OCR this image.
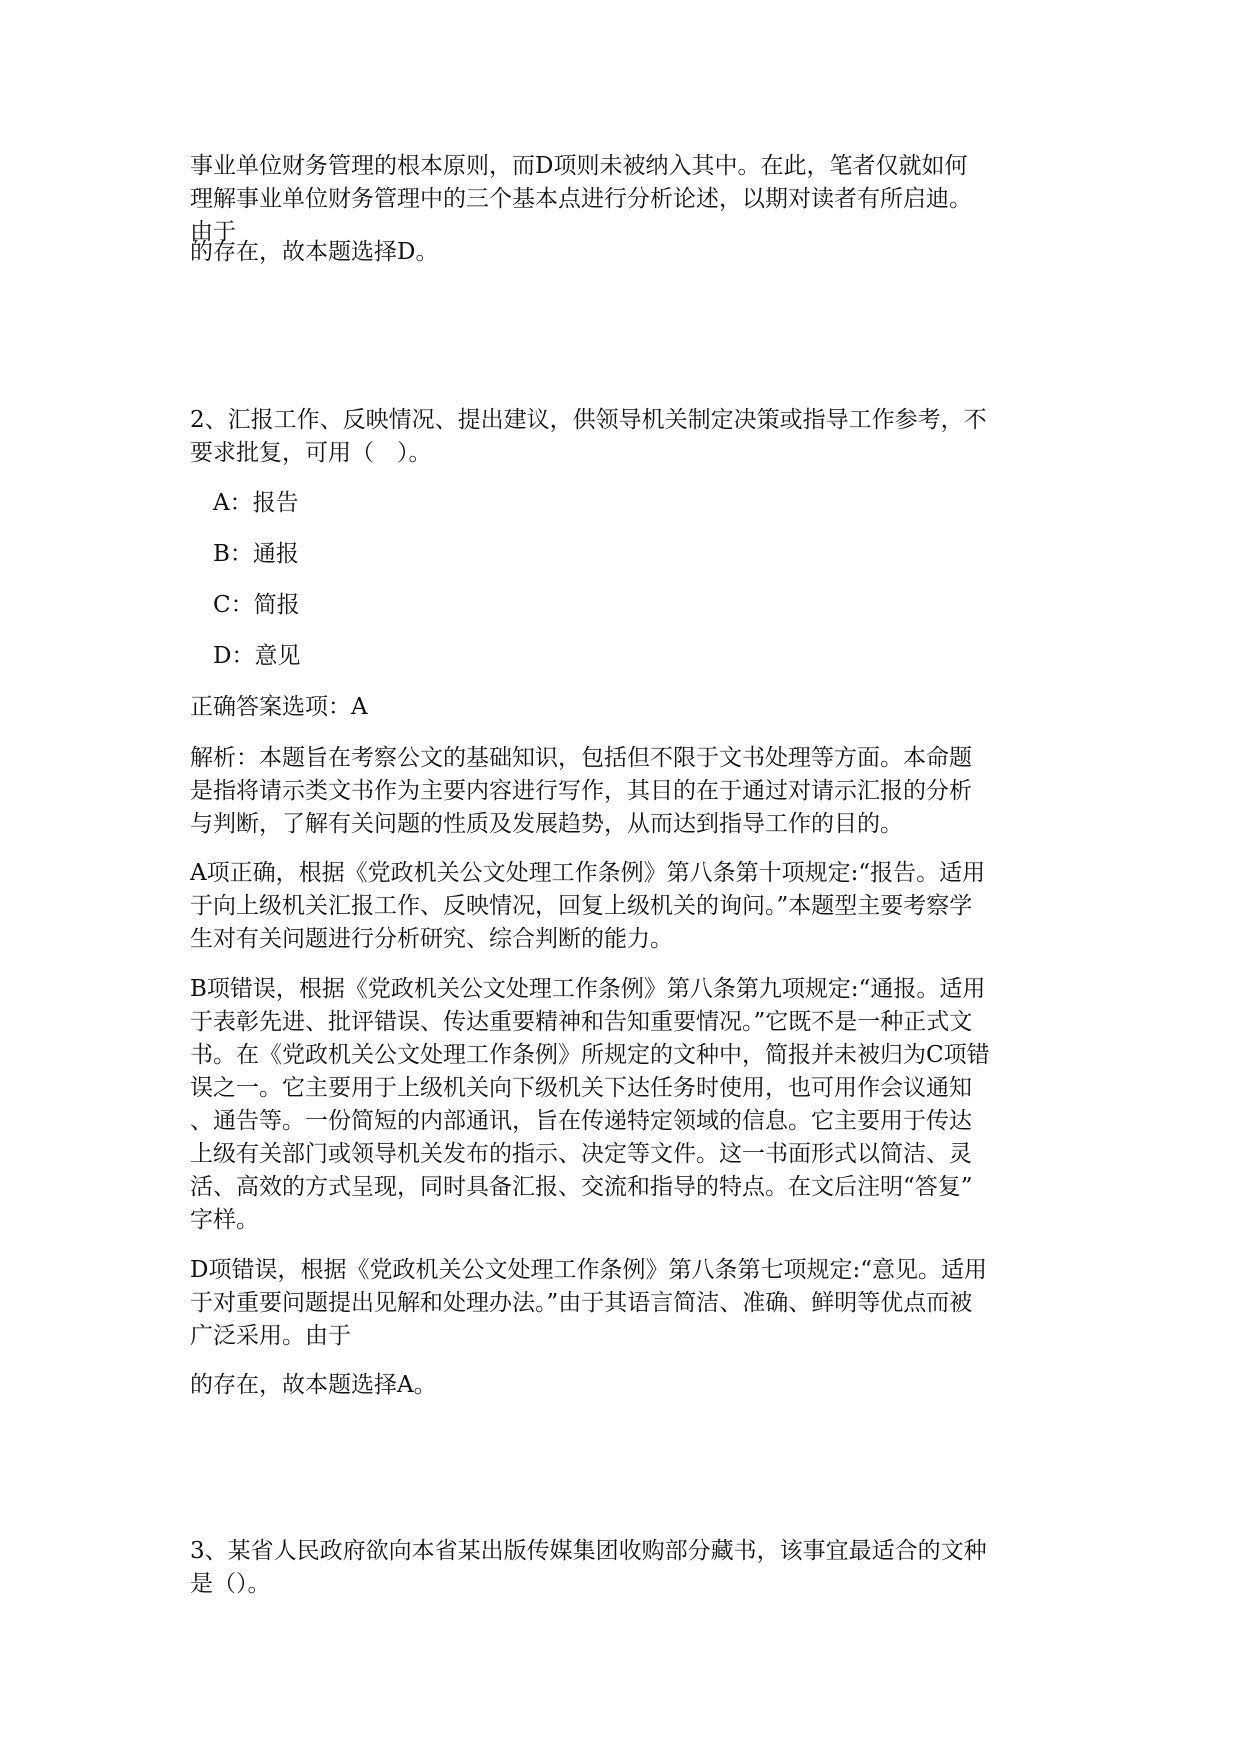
事业单位财务管理的根本原则，而D项则未被纳入其中。在此，笔者仅就如何
理解事业单位财务管理中的三个基本点进行分析论述，以期对读者有所启迪。
由于

的存在，故本题选择D。

2、汇报工作、反映情况、提出建议，供领导机关制定决策或指导工作参考，不
要求批复，可用（　）。

A：报告
B：通报
C：简报
D：意见

正确答案选项：A

解析：本题旨在考察公文的基础知识，包括但不限于文书处理等方面。本命题
是指将请示类文书作为主要内容进行写作，其目的在于通过对请示汇报的分析
与判断，了解有关问题的性质及发展趋势，从而达到指导工作的目的。

A项正确，根据《党政机关公文处理工作条例》第八条第十项规定:“报告。适用
于向上级机关汇报工作、反映情况，回复上级机关的询问。”本题型主要考察学
生对有关问题进行分析研究、综合判断的能力。

B项错误，根据《党政机关公文处理工作条例》第八条第九项规定:“通报。适用
于表彰先进、批评错误、传达重要精神和告知重要情况。”它既不是一种正式文
书。在《党政机关公文处理工作条例》所规定的文种中，简报并未被归为C项错
误之一。它主要用于上级机关向下级机关下达任务时使用，也可用作会议通知
、通告等。一份简短的内部通讯，旨在传递特定领域的信息。它主要用于传达
上级有关部门或领导机关发布的指示、决定等文件。这一书面形式以简洁、灵
活、高效的方式呈现，同时具备汇报、交流和指导的特点。在文后注明“答复”
字样。

D项错误，根据《党政机关公文处理工作条例》第八条第七项规定:“意见。适用
于对重要问题提出见解和处理办法。”由于其语言简洁、准确、鲜明等优点而被
广泛采用。由于

的存在，故本题选择A。

3、某省人民政府欲向本省某出版传媒集团收购部分藏书，该事宜最适合的文种
是（）。
